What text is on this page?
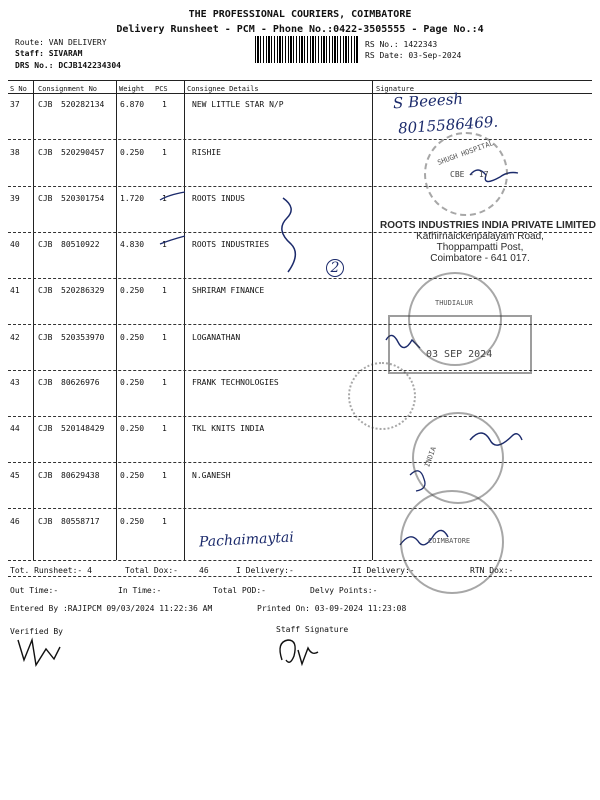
THE PROFESSIONAL COURIERS, COIMBATORE
Delivery Runsheet - PCM - Phone No.:0422-3505555 - Page No.:4
Route: VAN DELIVERY
Staff: SIVARAM
DRS No.: DCJB142234304
RS No.: 1422343
RS Date: 03-Sep-2024
S No Consignment No	Weight PCS	Consignee Details	Signature
37 CJB 520282134 6.870 1	NEW LITTLE STAR N/P
38 CJB 520290457 0.250 1	RISHIE
39 CJB 520301754 1.720 1	ROOTS INDUS
40 CJB 80510922	4.830 1	ROOTS INDUSTRIES
41 CJB 520286329 0.250 1	SHRIRAM FINANCE
42 CJB 520353970 0.250 1	LOGANATHAN
43 CJB 80626976	0.250 1	FRANK TECHNOLOGIES
44 CJB 520148429 0.250 1	TKL KNITS INDIA
45 CJB 80629438	0.250 1	N.GANESH
46 CJB 80558717	0.250 1
Tot. Runsheet:- 4	Total Dox:-	46	I Delivery:-	II Delivery:-	RTN Dox:-
Out Time:-	In Time:-	Total POD:-	Delvy Points:-
Entered By :RAJIPCM 09/03/2024 11:22:36 AM	Printed On: 03-09-2024 11:23:08
Verified By	Staff Signature
S Beeesh
8015586469.
Pachaimaytai
2
SHUGH HOSPITAL
CBE - 17
ROOTS INDUSTRIES INDIA PRIVATE LIMITED
Kathirnaickenpalayam Road,
Thoppampatti Post,
Coimbatore - 641 017.
THUDIALUR
03 SEP 2024
INDIA
COIMBATORE
